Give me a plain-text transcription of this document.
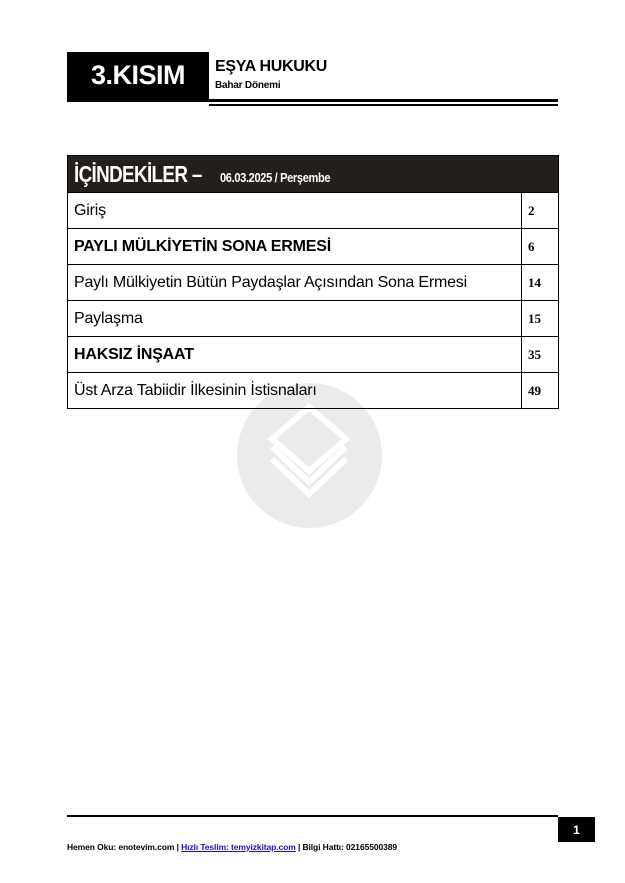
3.KISIM	EŞYA HUKUKU
Bahar Dönemi
İÇİNDEKİLER – 06.03.2025 / Perşembe	
Giriş	2
PAYLI MÜLKİYETİN SONA ERMESİ	6
Paylı Mülkiyetin Bütün Paydaşlar Açısından Sona Ermesi	14
Paylaşma	15
HAKSIZ İNŞAAT	35
Üst Arza Tabiidir İlkesinin İstisnaları	49
1
Hemen Oku: enotevim.com | Hızlı Teslim: temyizkitap.com | Bilgi Hattı: 02165500389
